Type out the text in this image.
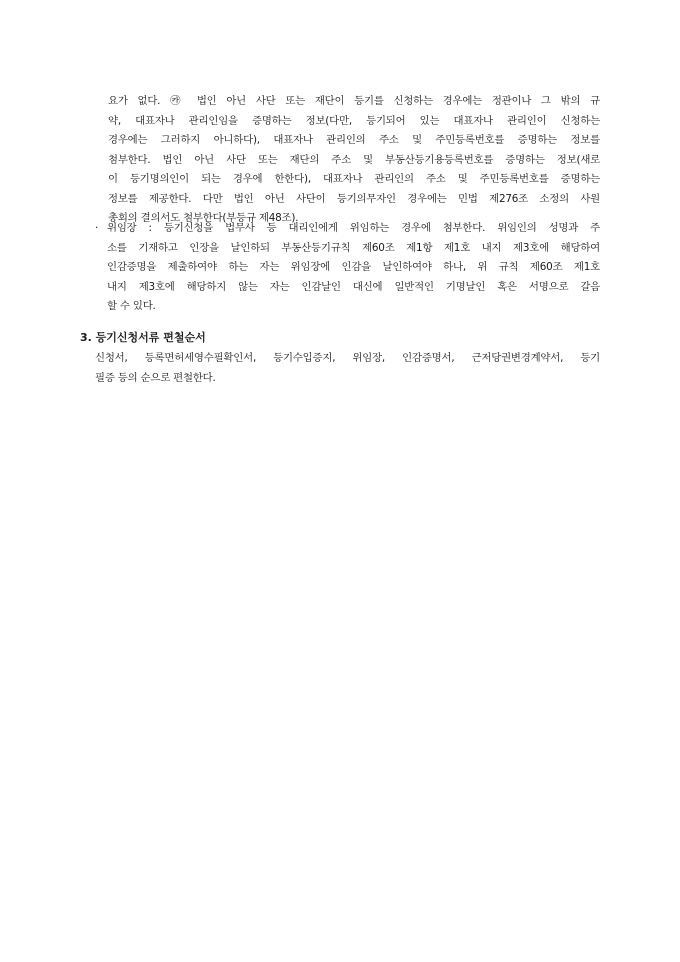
요가 없다. ㉸ 법인 아닌 사단 또는 재단이 등기를 신청하는 경우에는 정관이나 그 밖의 규
약, 대표자나 관리인임을 증명하는 정보(다만, 등기되어 있는 대표자나 관리인이 신청하는
경우에는 그러하지 아니하다), 대표자나 관리인의 주소 및 주민등록번호를 증명하는 정보를
첨부한다. 법인 아닌 사단 또는 재단의 주소 및 부동산등기용등록번호를 증명하는 정보(새로
이 등기명의인이 되는 경우에 한한다), 대표자나 관리인의 주소 및 주민등록번호를 증명하는
정보를 제공한다. 다만 법인 아닌 사단이 등기의무자인 경우에는 민법 제276조 소정의 사원
총회의 결의서도 첨부한다(부등규 제48조).
· 위임장 : 등기신청을 법무사 등 대리인에게 위임하는 경우에 첨부한다. 위임인의 성명과 주
소를 기재하고 인장을 날인하되 부동산등기규칙 제60조 제1항 제1호 내지 제3호에 해당하여
인감증명을 제출하여야 하는 자는 위임장에 인감을 날인하여야 하나, 위 규칙 제60조 제1호
내지 제3호에 해당하지 않는 자는 인감날인 대신에 일반적인 기명날인 혹은 서명으로 갈음
할 수 있다.
3. 등기신청서류 편철순서
신청서, 등록면허세영수필확인서, 등기수입증지, 위임장, 인감증명서, 근저당권변경계약서, 등기
필증 등의 순으로 편철한다.
